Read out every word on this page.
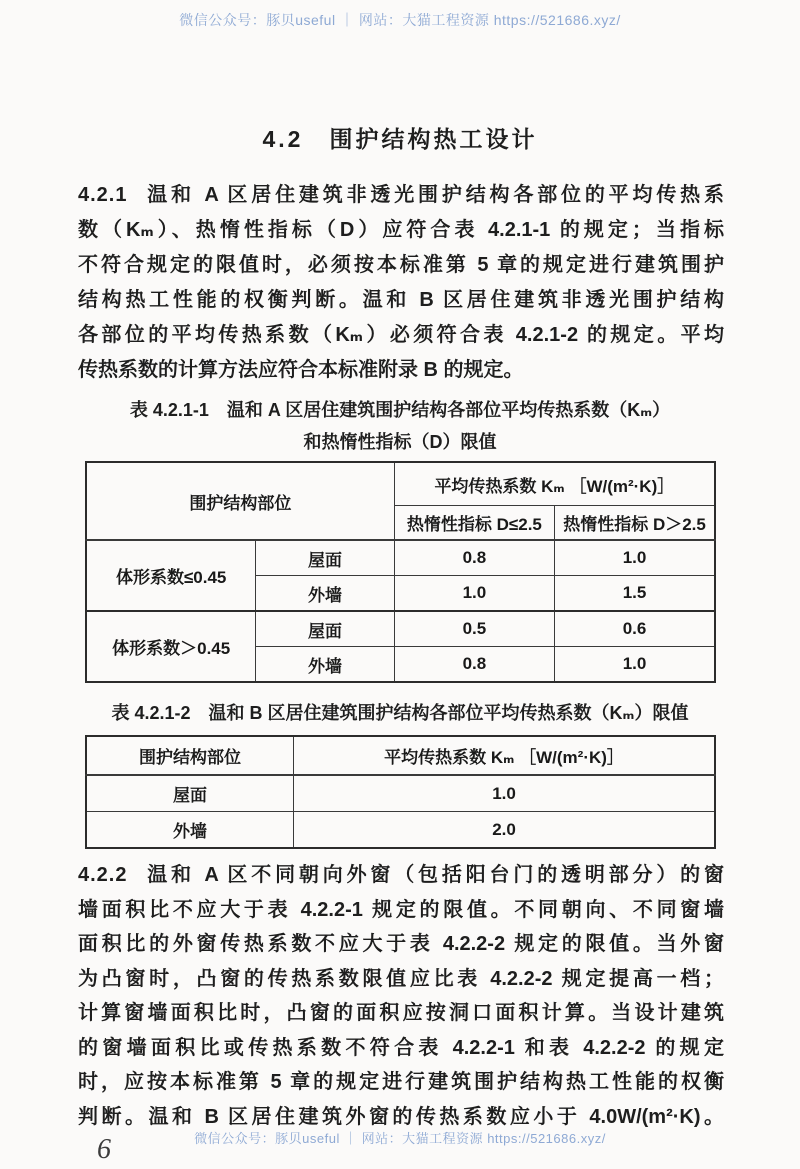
微信公众号：豚贝useful ｜ 网站：大猫工程资源 https://521686.xyz/
4.2　围护结构热工设计
4.2.1 温和 A 区居住建筑非透光围护结构各部位的平均传热系
数（Kₘ）、热惰性指标（D）应符合表 4.2.1-1 的规定；当指标
不符合规定的限值时，必须按本标准第 5 章的规定进行建筑围护
结构热工性能的权衡判断。温和 B 区居住建筑非透光围护结构
各部位的平均传热系数（Kₘ）必须符合表 4.2.1-2 的规定。平均
传热系数的计算方法应符合本标准附录 B 的规定。
表 4.2.1-1　温和 A 区居住建筑围护结构各部位平均传热系数（Kₘ）
和热惰性指标（D）限值
围护结构部位		平均传热系数 Kₘ ［W/(m²·K)］	
		热惰性指标 D≤2.5	热惰性指标 D＞2.5
体形系数≤0.45	屋面	0.8	1.0
	外墙	1.0	1.5
体形系数＞0.45	屋面	0.5	0.6
	外墙	0.8	1.0
表 4.2.1-2　温和 B 区居住建筑围护结构各部位平均传热系数（Kₘ）限值
围护结构部位	平均传热系数 Kₘ ［W/(m²·K)］
屋面	1.0
外墙	2.0
4.2.2 温和 A 区不同朝向外窗（包括阳台门的透明部分）的窗
墙面积比不应大于表 4.2.2-1 规定的限值。不同朝向、不同窗墙
面积比的外窗传热系数不应大于表 4.2.2-2 规定的限值。当外窗
为凸窗时，凸窗的传热系数限值应比表 4.2.2-2 规定提高一档；
计算窗墙面积比时，凸窗的面积应按洞口面积计算。当设计建筑
的窗墙面积比或传热系数不符合表 4.2.2-1 和表 4.2.2-2 的规定
时，应按本标准第 5 章的规定进行建筑围护结构热工性能的权衡
判断。温和 B 区居住建筑外窗的传热系数应小于 4.0W/(m²·K)。
微信公众号：豚贝useful ｜ 网站：大猫工程资源 https://521686.xyz/
6
